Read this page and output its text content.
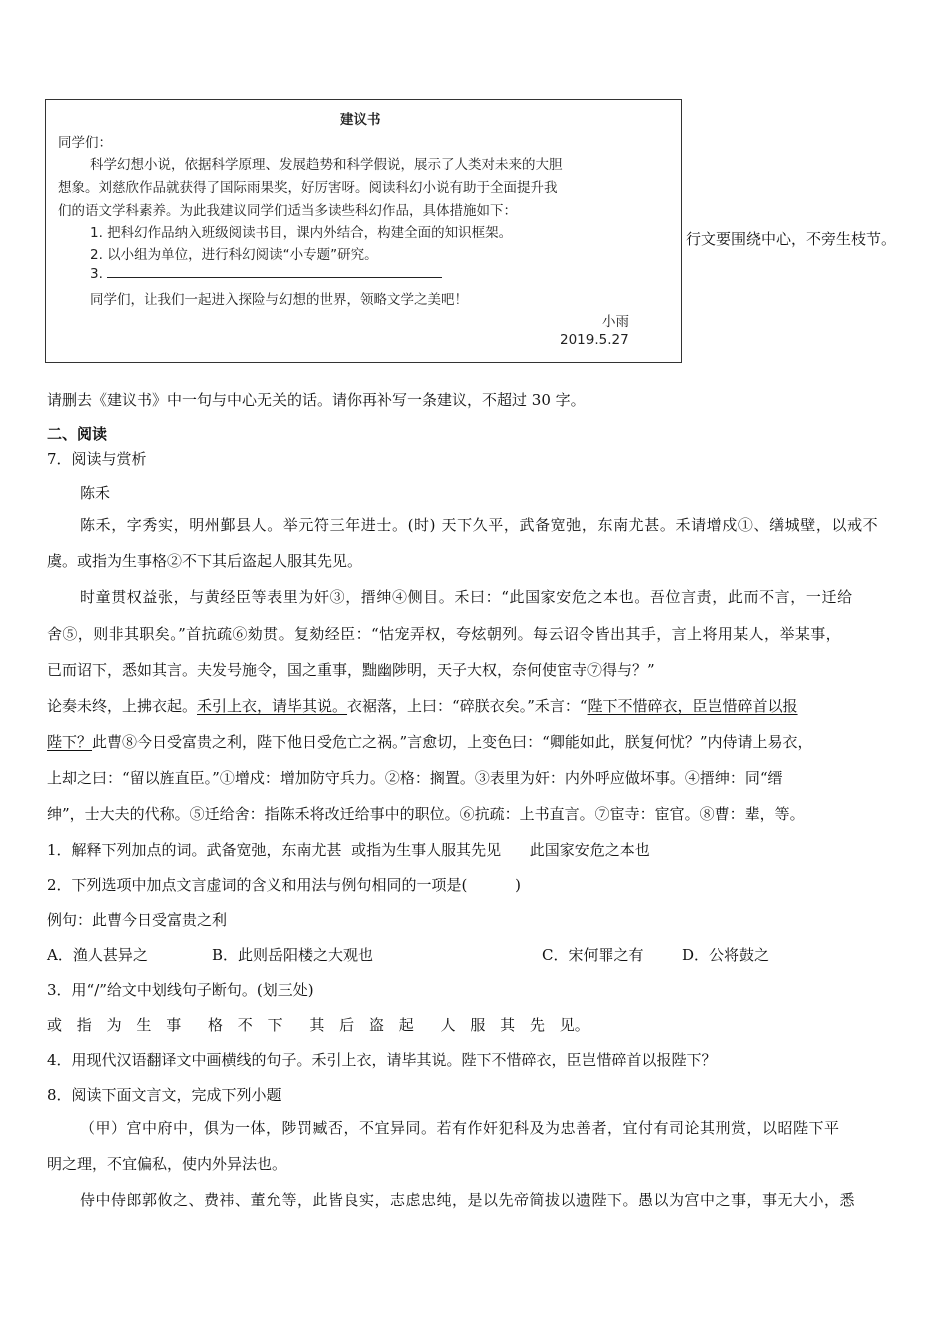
建议书
同学们：
科学幻想小说，依据科学原理、发展趋势和科学假说，展示了人类对未来的大胆
想象。刘慈欣作品就获得了国际雨果奖，好厉害呀。阅读科幻小说有助于全面提升我
们的语文学科素养。为此我建议同学们适当多读些科幻作品，具体措施如下：
1. 把科幻作品纳入班级阅读书目，课内外结合，构建全面的知识框架。
2. 以小组为单位，进行科幻阅读“小专题”研究。
3.
同学们，让我们一起进入探险与幻想的世界，领略文学之美吧！
小雨
2019.5.27
行文要围绕中心，不旁生枝节。
请删去《建议书》中一句与中心无关的话。请你再补写一条建议，不超过 30 字。
二、阅读
7．阅读与赏析
陈禾
陈禾，字秀实，明州鄞县人。举元符三年进士。(时) 天下久平，武备宽弛，东南尤甚。禾请增戍①、缮城壁，以戒不
虞。或指为生事格②不下其后盗起人服其先见。
时童贯权益张，与黄经臣等表里为奸③，搢绅④侧目。禾曰：“此国家安危之本也。吾位言责，此而不言，一迁给
舍⑤，则非其职矣。”首抗疏⑥劾贯。复劾经臣：“怙宠弄权，夸炫朝列。每云诏令皆出其手，言上将用某人，举某事，
已而诏下，悉如其言。夫发号施令，国之重事，黜幽陟明，天子大权，奈何使宦寺⑦得与？”
论奏未终，上拂衣起。禾引上衣，请毕其说。衣裾落，上曰：“碎朕衣矣。”禾言：“陛下不惜碎衣，臣岂惜碎首以报
陛下？此曹⑧今日受富贵之利，陛下他日受危亡之祸。”言愈切，上变色曰：“卿能如此，朕复何忧？”内侍请上易衣，
上却之曰：“留以旌直臣。”①增戍：增加防守兵力。②格：搁置。③表里为奸：内外呼应做坏事。④搢绅：同“缙
绅”，士大夫的代称。⑤迁给舍：指陈禾将改迁给事中的职位。⑥抗疏：上书直言。⑦宦寺：宦官。⑧曹：辈，等。
1．解释下列加点的词。武备宽弛，东南尤甚  或指为生事人服其先见      此国家安危之本也
2．下列选项中加点文言虚词的含义和用法与例句相同的一项是(          )
例句：此曹今日受富贵之利
A．渔人甚异之	B．此则岳阳楼之大观也	C．宋何罪之有	D．公将鼓之
3．用“/”给文中划线句子断句。(划三处)
或 指 为 生 事 格 不 下 其 后 盗 起 人 服 其 先 见。
4．用现代汉语翻译文中画横线的句子。禾引上衣，请毕其说。陛下不惜碎衣，臣岂惜碎首以报陛下？
8．阅读下面文言文，完成下列小题
（甲）宫中府中，俱为一体，陟罚臧否，不宜异同。若有作奸犯科及为忠善者，宜付有司论其刑赏，以昭陛下平
明之理，不宜偏私，使内外异法也。
侍中侍郎郭攸之、费祎、董允等，此皆良实，志虑忠纯，是以先帝简拔以遗陛下。愚以为宫中之事，事无大小，悉
